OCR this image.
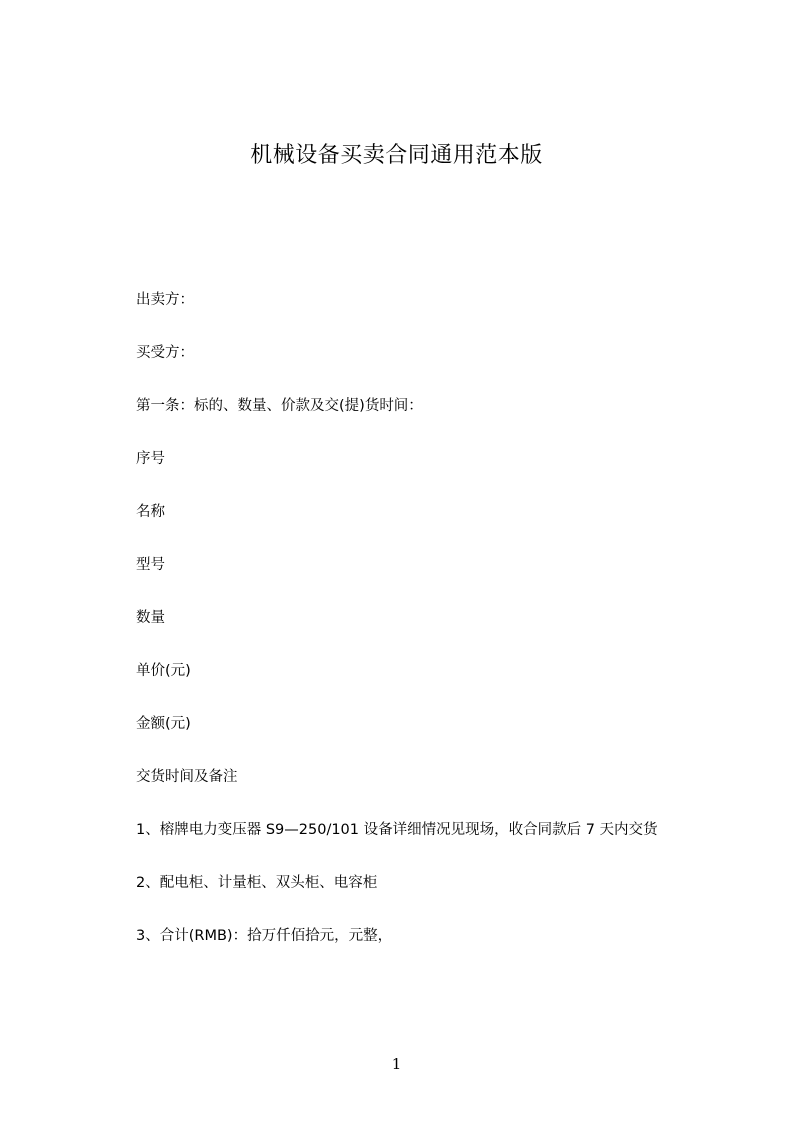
机械设备买卖合同通用范本版
出卖方：
买受方：
第一条：标的、数量、价款及交(提)货时间：
序号
名称
型号
数量
单价(元)
金额(元)
交货时间及备注
1、榕牌电力变压器 S9—250/101 设备详细情况见现场，收合同款后 7 天内交货
2、配电柜、计量柜、双头柜、电容柜
3、合计(RMB)：拾万仟佰拾元，元整，
1
